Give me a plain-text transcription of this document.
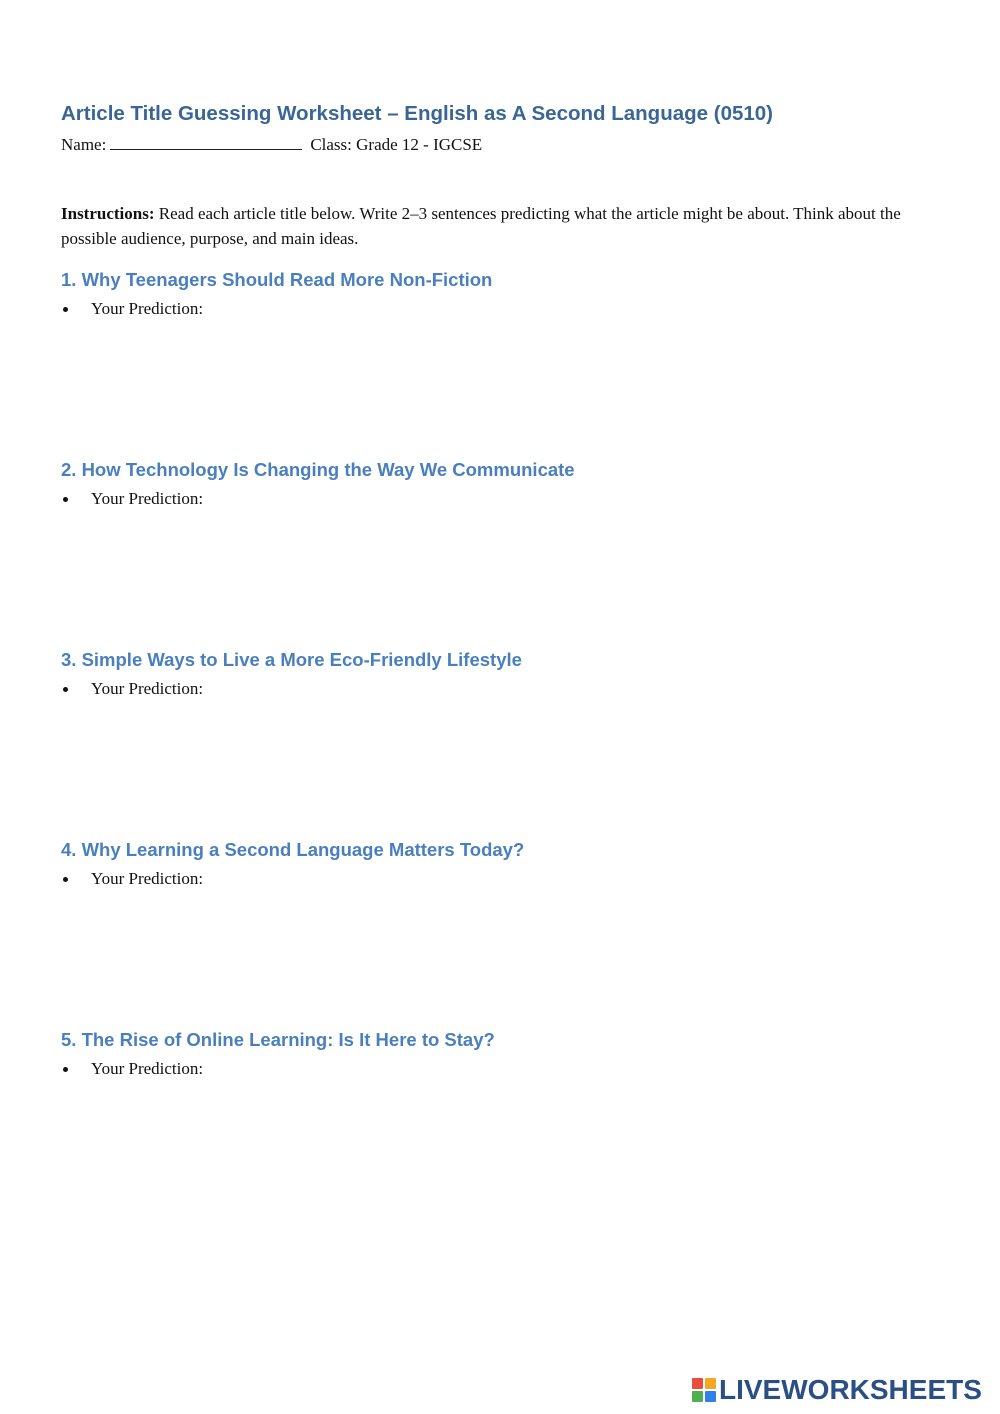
Article Title Guessing Worksheet – English as A Second Language (0510)
Name:	Class: Grade 12 - IGCSE
Instructions: Read each article title below. Write 2–3 sentences predicting what the article might be about. Think about the possible audience, purpose, and main ideas.
1. Why Teenagers Should Read More Non-Fiction
Your Prediction:
2. How Technology Is Changing the Way We Communicate
Your Prediction:
3. Simple Ways to Live a More Eco-Friendly Lifestyle
Your Prediction:
4. Why Learning a Second Language Matters Today?
Your Prediction:
5. The Rise of Online Learning: Is It Here to Stay?
Your Prediction:
LIVEWORKSHEETS
